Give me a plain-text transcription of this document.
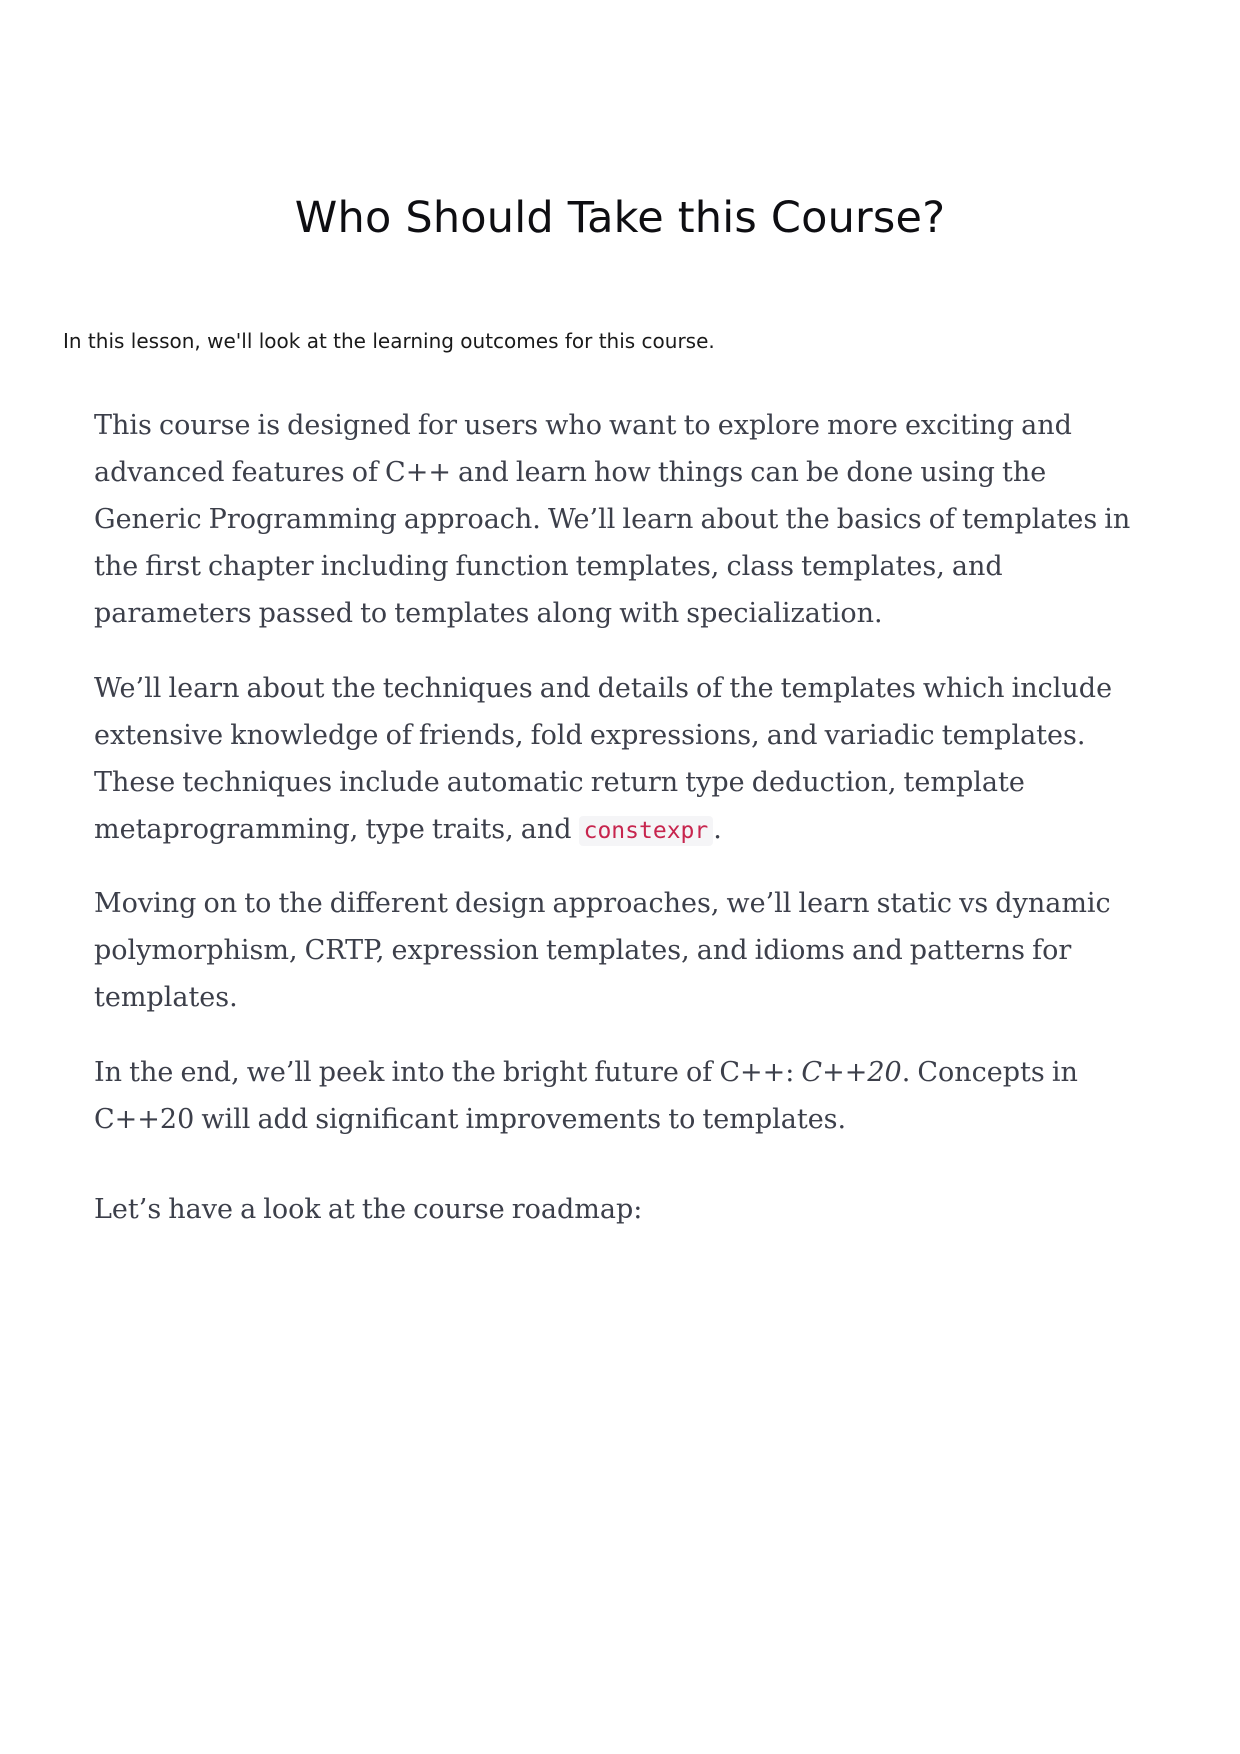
Who Should Take this Course?

In this lesson, we'll look at the learning outcomes for this course.

This course is designed for users who want to explore more exciting and advanced features of C++ and learn how things can be done using the Generic Programming approach. We’ll learn about the basics of templates in the first chapter including function templates, class templates, and parameters passed to templates along with specialization.

We’ll learn about the techniques and details of the templates which include extensive knowledge of friends, fold expressions, and variadic templates. These techniques include automatic return type deduction, template metaprogramming, type traits, and constexpr .

Moving on to the different design approaches, we’ll learn static vs dynamic polymorphism, CRTP, expression templates, and idioms and patterns for templates.

In the end, we’ll peek into the bright future of C++: C++20. Concepts in C++20 will add significant improvements to templates.

Let’s have a look at the course roadmap:
